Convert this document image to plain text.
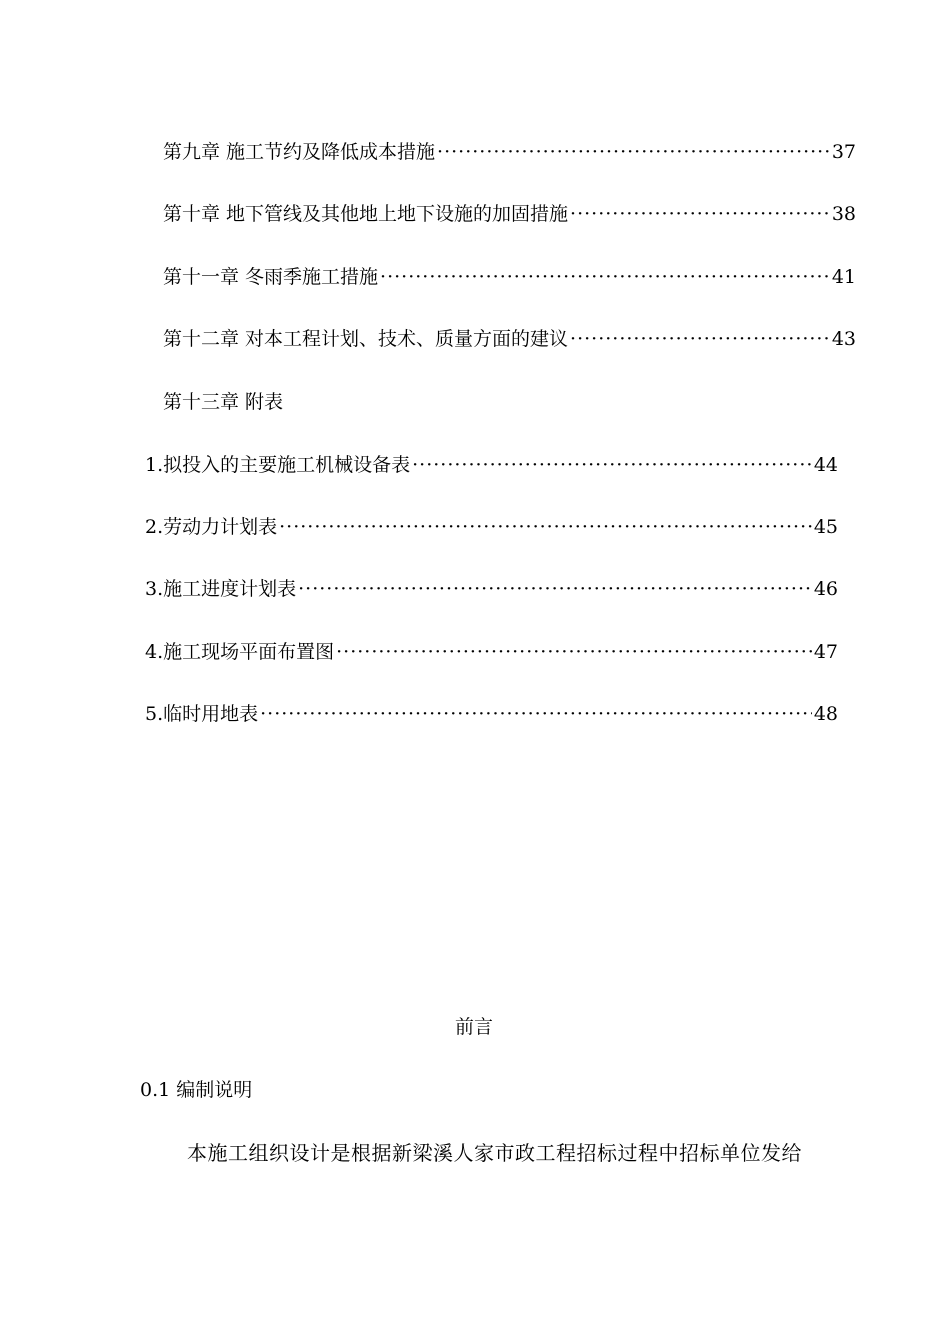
第九章 施工节约及降低成本措施 ·····	37
第十章 地下管线及其他地上地下设施的加固措施 ·····	38
第十一章 冬雨季施工措施 ·····	41
第十二章 对本工程计划、技术、质量方面的建议 ·····	43
第十三章 附表
1.拟投入的主要施工机械设备表 ·····	44
2.劳动力计划表 ·····	45
3.施工进度计划表 ·····	46
4.施工现场平面布置图 ·····	47
5.临时用地表 ·····	48
前言
0.1 编制说明
本施工组织设计是根据新梁溪人家市政工程招标过程中招标单位发给
